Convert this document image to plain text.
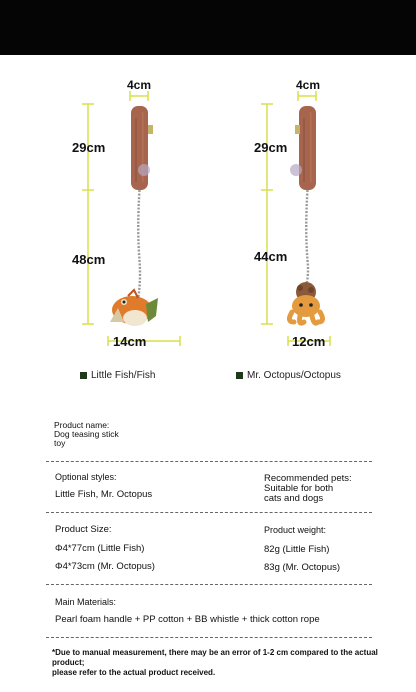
4cm
29cm
48cm
14cm
Little Fish/Fish
4cm
29cm
44cm
12cm
Mr. Octopus/Octopus
Product name:
Dog teasing stick
toy
Optional styles:
Little Fish, Mr. Octopus
Recommended pets:
Suitable for both
cats and dogs
Product Size:
Φ4*77cm (Little Fish)
Φ4*73cm (Mr. Octopus)
Product weight:
82g (Little Fish)
83g (Mr. Octopus)
Main Materials:
Pearl foam handle + PP cotton + BB whistle + thick cotton rope
*Due to manual measurement, there may be an error of 1-2 cm compared to the actual product;
please refer to the actual product received.
